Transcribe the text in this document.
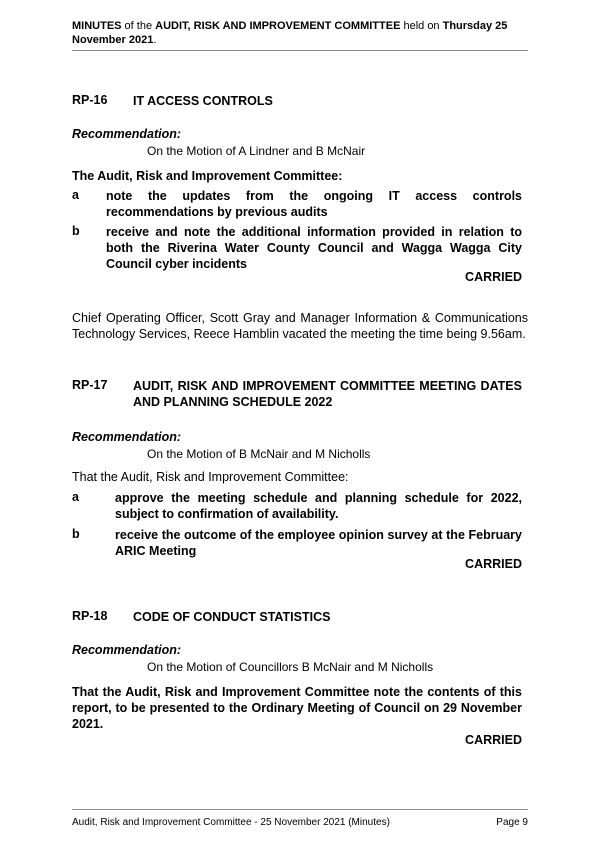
MINUTES of the AUDIT, RISK AND IMPROVEMENT COMMITTEE held on Thursday 25 November 2021.
RP-16 IT ACCESS CONTROLS
Recommendation:
On the Motion of A Lindner and B McNair
The Audit, Risk and Improvement Committee:
a note the updates from the ongoing IT access controls recommendations by previous audits
b receive and note the additional information provided in relation to both the Riverina Water County Council and Wagga Wagga City Council cyber incidents
CARRIED
Chief Operating Officer, Scott Gray and Manager Information & Communications Technology Services, Reece Hamblin vacated the meeting the time being 9.56am.
RP-17 AUDIT, RISK AND IMPROVEMENT COMMITTEE MEETING DATES AND PLANNING SCHEDULE 2022
Recommendation:
On the Motion of B McNair and M Nicholls
That the Audit, Risk and Improvement Committee:
a	approve the meeting schedule and planning schedule for 2022, subject to confirmation of availability.
b	receive the outcome of the employee opinion survey at the February ARIC Meeting
CARRIED
RP-18 CODE OF CONDUCT STATISTICS
Recommendation:
On the Motion of Councillors B McNair and M Nicholls
That the Audit, Risk and Improvement Committee note the contents of this report, to be presented to the Ordinary Meeting of Council on 29 November 2021.
CARRIED
Audit, Risk and Improvement Committee - 25 November 2021 (Minutes)	Page 9
